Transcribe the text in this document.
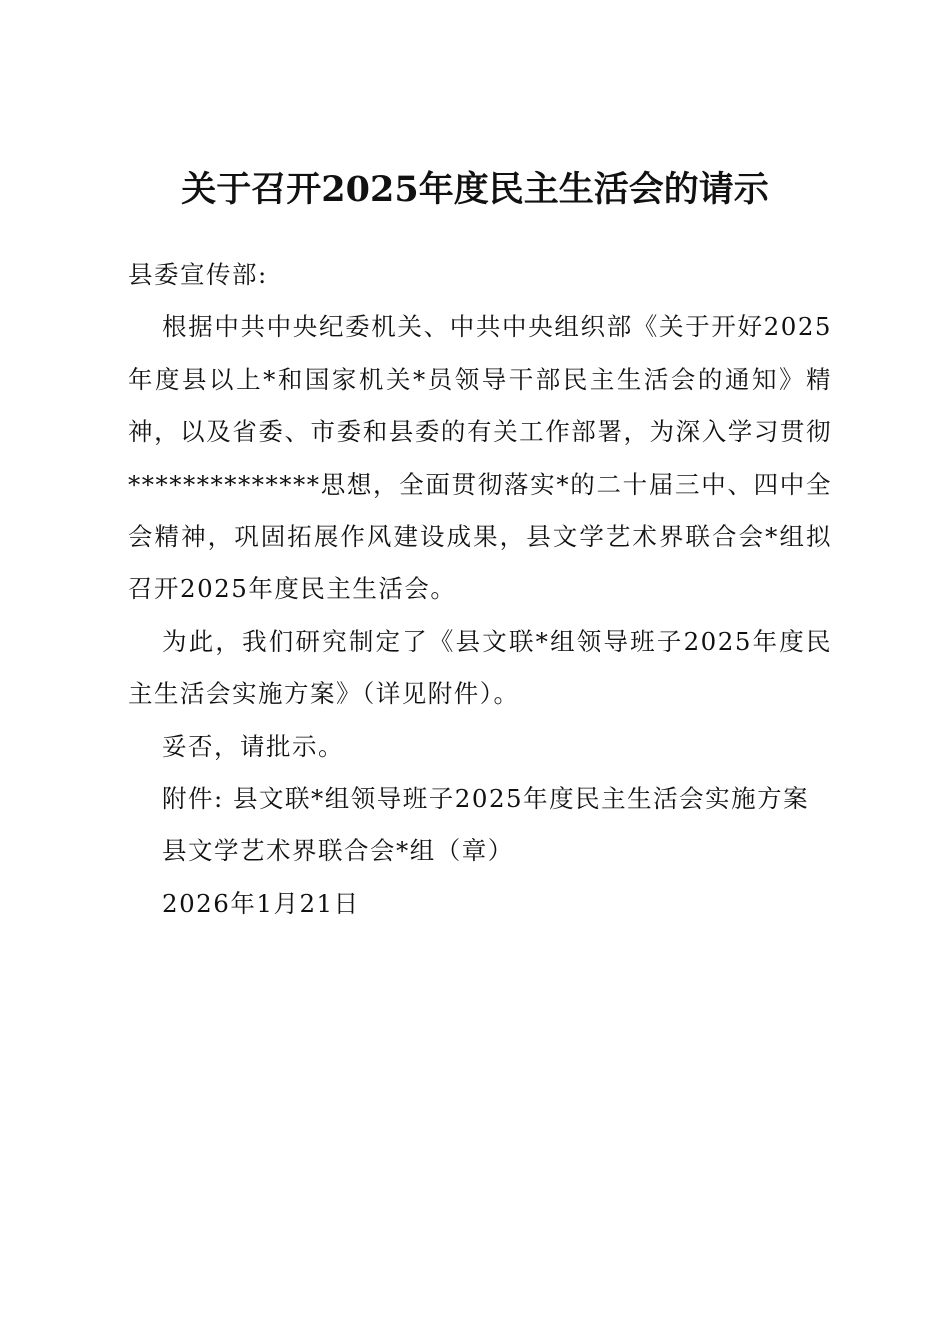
关于召开2025年度民主生活会的请示

县委宣传部:

根据中共中央纪委机关、中共中央组织部《关于开好2025年度县以上*和国家机关*员领导干部民主生活会的通知》精神，以及省委、市委和县委的有关工作部署，为深入学习贯彻**************思想，全面贯彻落实*的二十届三中、四中全会精神，巩固拓展作风建设成果，县文学艺术界联合会*组拟召开2025年度民主生活会。

为此，我们研究制定了《县文联*组领导班子2025年度民主生活会实施方案》（详见附件）。

妥否，请批示。

附件: 县文联*组领导班子2025年度民主生活会实施方案

县文学艺术界联合会*组（章）

2026年1月21日
